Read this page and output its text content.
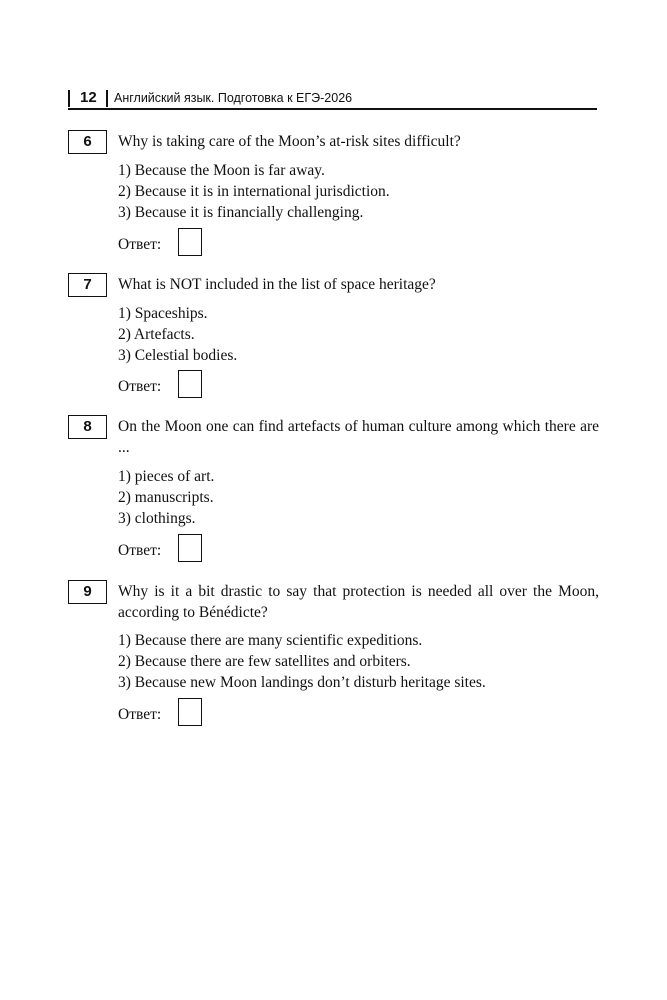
12 Английский язык. Подготовка к ЕГЭ-2026
6	Why is taking care of the Moon’s at-risk sites difficult?
1) Because the Moon is far away.
2) Because it is in international jurisdiction.
3) Because it is financially challenging.
Ответ:
7	What is NOT included in the list of space heritage?
1) Spaceships.
2) Artefacts.
3) Celestial bodies.
Ответ:
8	On the Moon one can find artefacts of human culture among which there are ...
1) pieces of art.
2) manuscripts.
3) clothings.
Ответ:
9	Why is it a bit drastic to say that protection is needed all over the Moon, according to Bénédicte?
1) Because there are many scientific expeditions.
2) Because there are few satellites and orbiters.
3) Because new Moon landings don’t disturb heritage sites.
Ответ:
